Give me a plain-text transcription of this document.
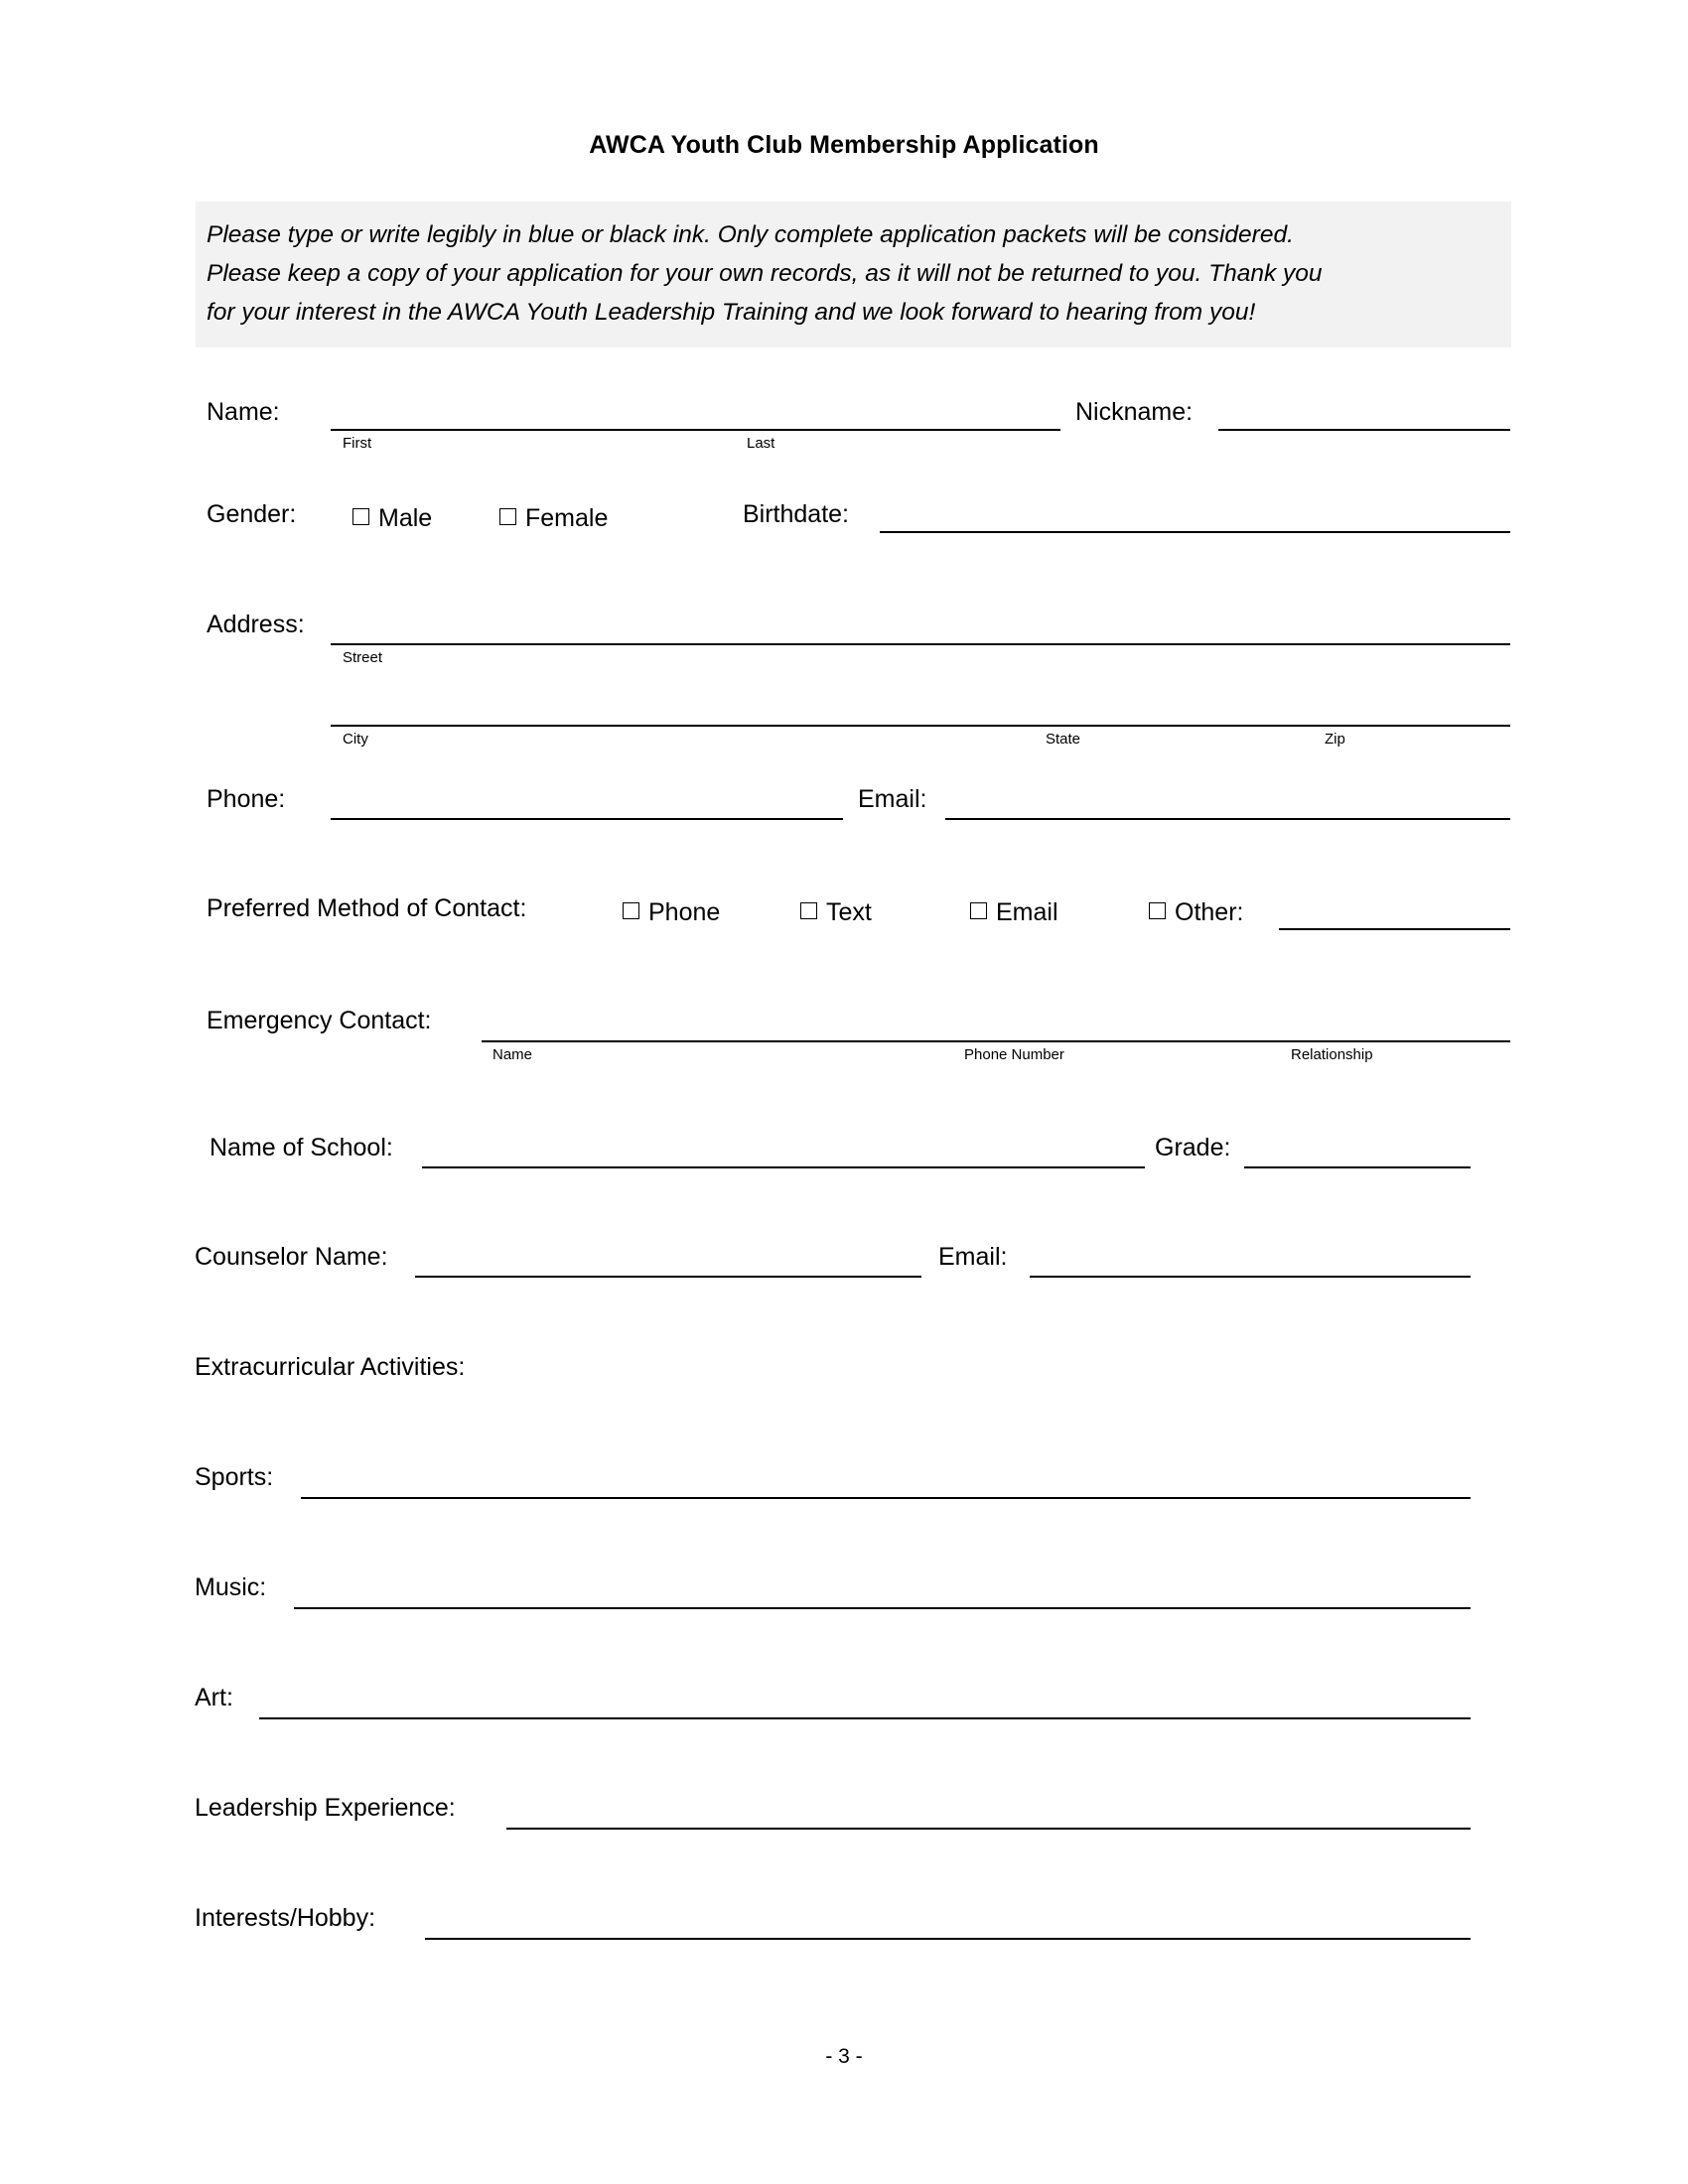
AWCA Youth Club Membership Application
Please type or write legibly in blue or black ink. Only complete application packets will be considered.
Please keep a copy of your application for your own records, as it will not be returned to you. Thank you
for your interest in the AWCA Youth Leadership Training and we look forward to hearing from you!
Name:
First	Last
Nickname:
Gender:	Male	Female	Birthdate:
Address:
Street
City	State	Zip
Phone:	Email:
Preferred Method of Contact:	Phone	Text	Email	Other:
Emergency Contact:
Name	Phone Number	Relationship
Name of School:	Grade:
Counselor Name:	Email:
Extracurricular Activities:
Sports:
Music:
Art:
Leadership Experience:
Interests/Hobby:
- 3 -
